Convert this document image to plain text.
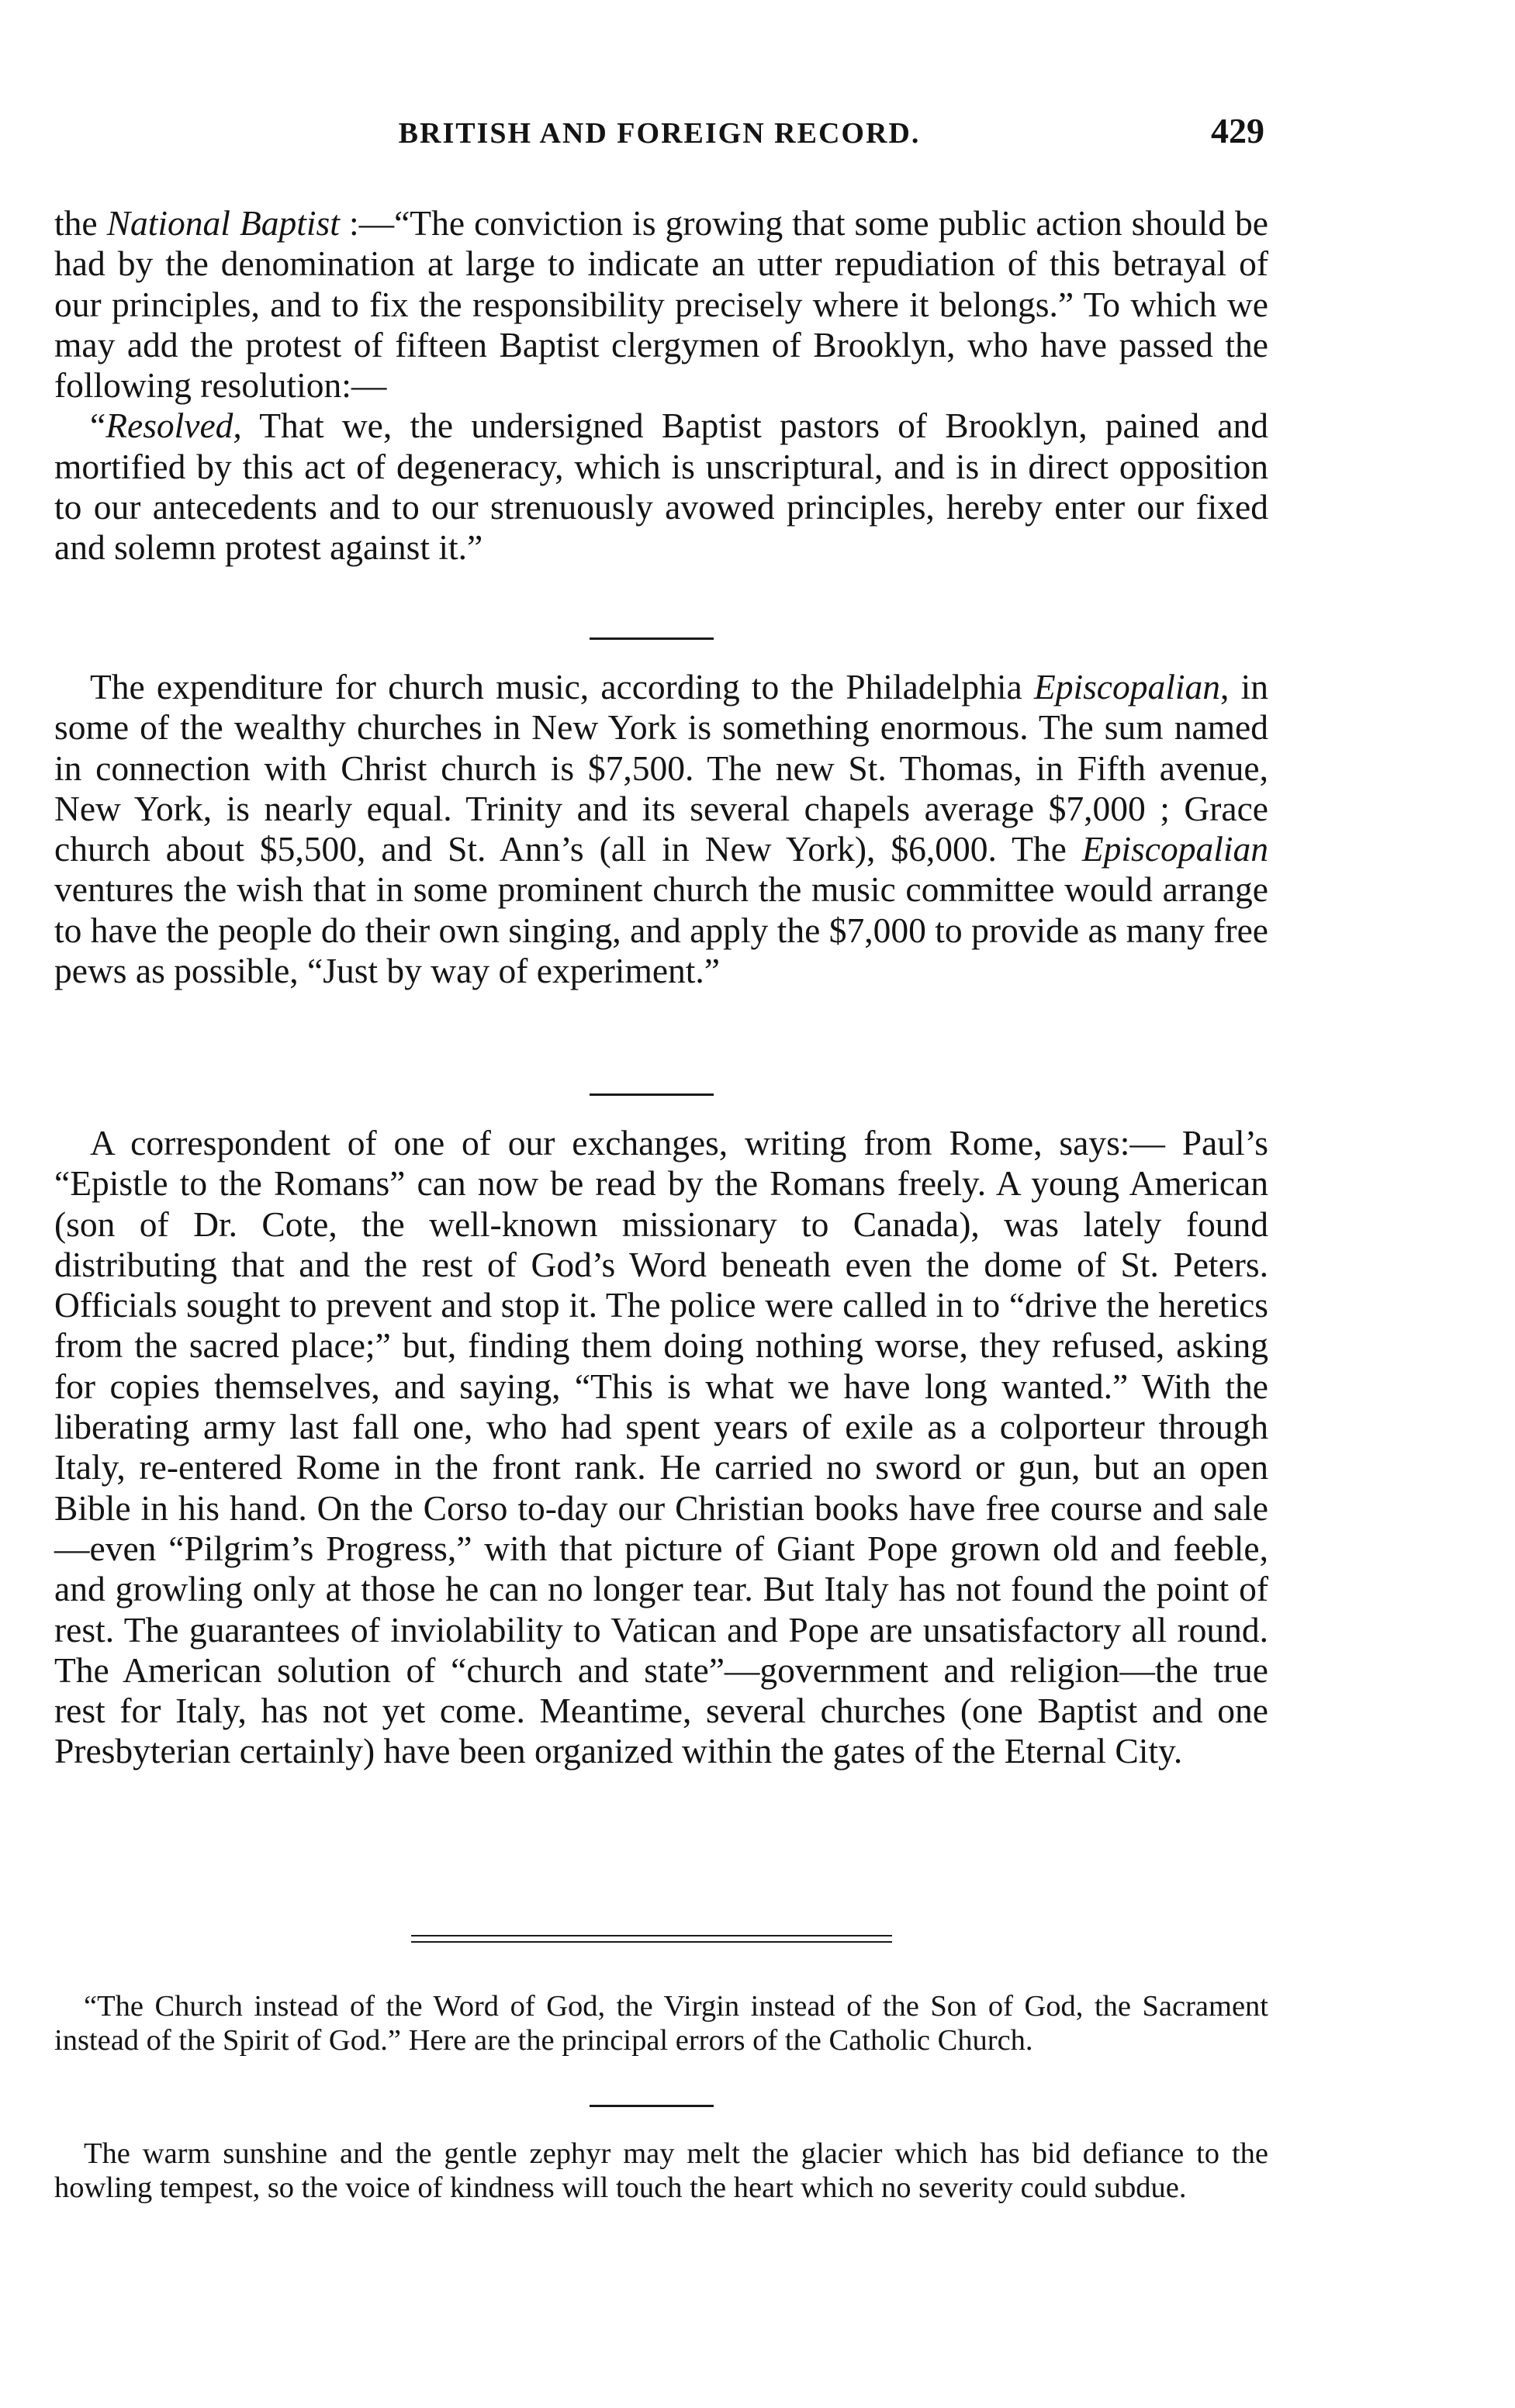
BRITISH AND FOREIGN RECORD.	429

the National Baptist :—“The conviction is growing that some public action should be had by the denomination at large to indicate an utter repudiation of this betrayal of our principles, and to fix the responsibility precisely where it belongs.” To which we may add the protest of fifteen Baptist clergymen of Brooklyn, who have passed the following resolution:—

“Resolved, That we, the undersigned Baptist pastors of Brooklyn, pained and mortified by this act of degeneracy, which is unscriptural, and is in direct opposition to our antecedents and to our strenuously avowed principles, hereby enter our fixed and solemn protest against it.”

The expenditure for church music, according to the Philadelphia Episcopalian, in some of the wealthy churches in New York is something enormous. The sum named in connection with Christ church is $7,500. The new St. Thomas, in Fifth avenue, New York, is nearly equal. Trinity and its several chapels average $7,000 ; Grace church about $5,500, and St. Ann’s (all in New York), $6,000. The Episcopalian ventures the wish that in some prominent church the music committee would arrange to have the people do their own singing, and apply the $7,000 to provide as many free pews as possible, “Just by way of experiment.”

A correspondent of one of our exchanges, writing from Rome, says:— Paul’s “Epistle to the Romans” can now be read by the Romans freely. A young American (son of Dr. Cote, the well-known missionary to Canada), was lately found distributing that and the rest of God’s Word beneath even the dome of St. Peters. Officials sought to prevent and stop it. The police were called in to “drive the heretics from the sacred place;” but, finding them doing nothing worse, they refused, asking for copies themselves, and saying, “This is what we have long wanted.” With the liberating army last fall one, who had spent years of exile as a colporteur through Italy, re-entered Rome in the front rank. He carried no sword or gun, but an open Bible in his hand. On the Corso to-day our Christian books have free course and sale—even “Pilgrim’s Progress,” with that picture of Giant Pope grown old and feeble, and growling only at those he can no longer tear. But Italy has not found the point of rest. The guarantees of inviolability to Vatican and Pope are unsatisfactory all round. The American solution of “church and state”—government and religion—the true rest for Italy, has not yet come. Meantime, several churches (one Baptist and one Presbyterian certainly) have been organized within the gates of the Eternal City.

“The Church instead of the Word of God, the Virgin instead of the Son of God, the Sacrament instead of the Spirit of God.” Here are the principal errors of the Catholic Church.

The warm sunshine and the gentle zephyr may melt the glacier which has bid defiance to the howling tempest, so the voice of kindness will touch the heart which no severity could subdue.
